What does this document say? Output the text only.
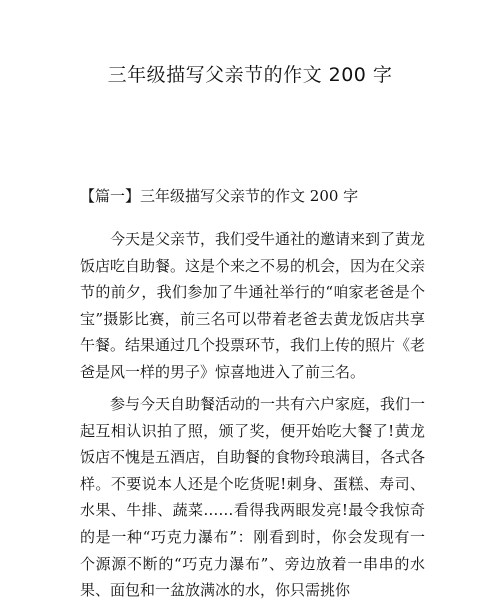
三年级描写父亲节的作文 200 字
【篇一】三年级描写父亲节的作文 200 字

今天是父亲节，我们受牛通社的邀请来到了黄龙饭店吃自助餐。这是个来之不易的机会，因为在父亲节的前夕，我们参加了牛通社举行的“咱家老爸是个宝”摄影比赛，前三名可以带着老爸去黄龙饭店共享午餐。结果通过几个投票环节，我们上传的照片《老爸是风一样的男子》惊喜地进入了前三名。

参与今天自助餐活动的一共有六户家庭，我们一起互相认识拍了照，颁了奖，便开始吃大餐了!黄龙饭店不愧是五酒店，自助餐的食物玲琅满目，各式各样。不要说本人还是个吃货呢!刺身、蛋糕、寿司、水果、牛排、蔬菜……看得我两眼发亮!最令我惊奇的是一种“巧克力瀑布”：刚看到时，你会发现有一个源源不断的“巧克力瀑布”、旁边放着一串串的水果、面包和一盆放满冰的水，你只需挑你
